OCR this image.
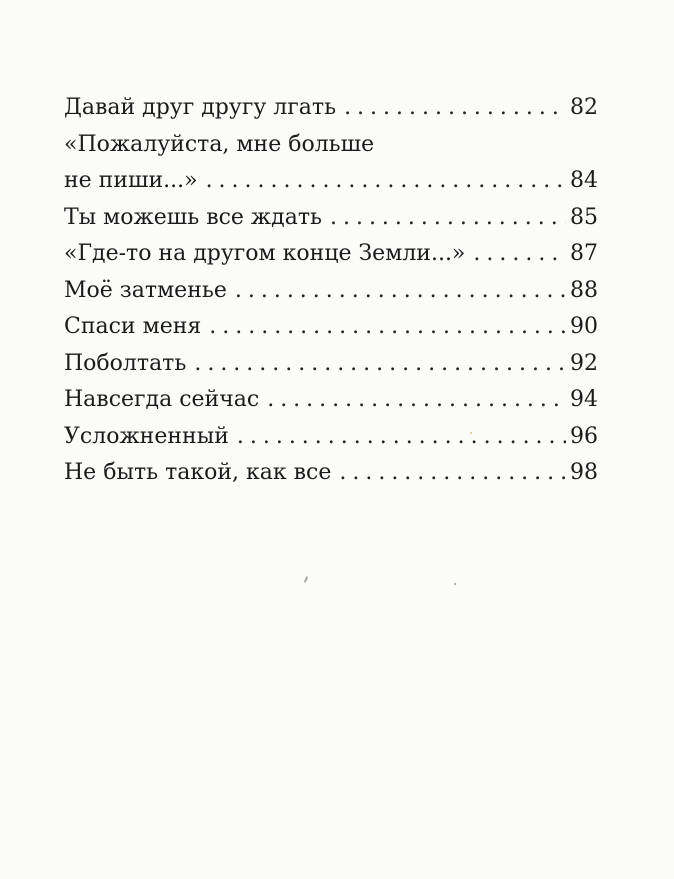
Давай друг другу лгать . . .	82
«Пожалуйста, мне больше
не пиши...» . . .	84
Ты можешь все ждать . . .	85
«Где-то на другом конце Земли...» . . .	87
Моё затменье . . .	88
Спаси меня . . .	90
Поболтать . . .	92
Навсегда сейчас . . .	94
Усложненный . . .	96
Не быть такой, как все . . .	98
